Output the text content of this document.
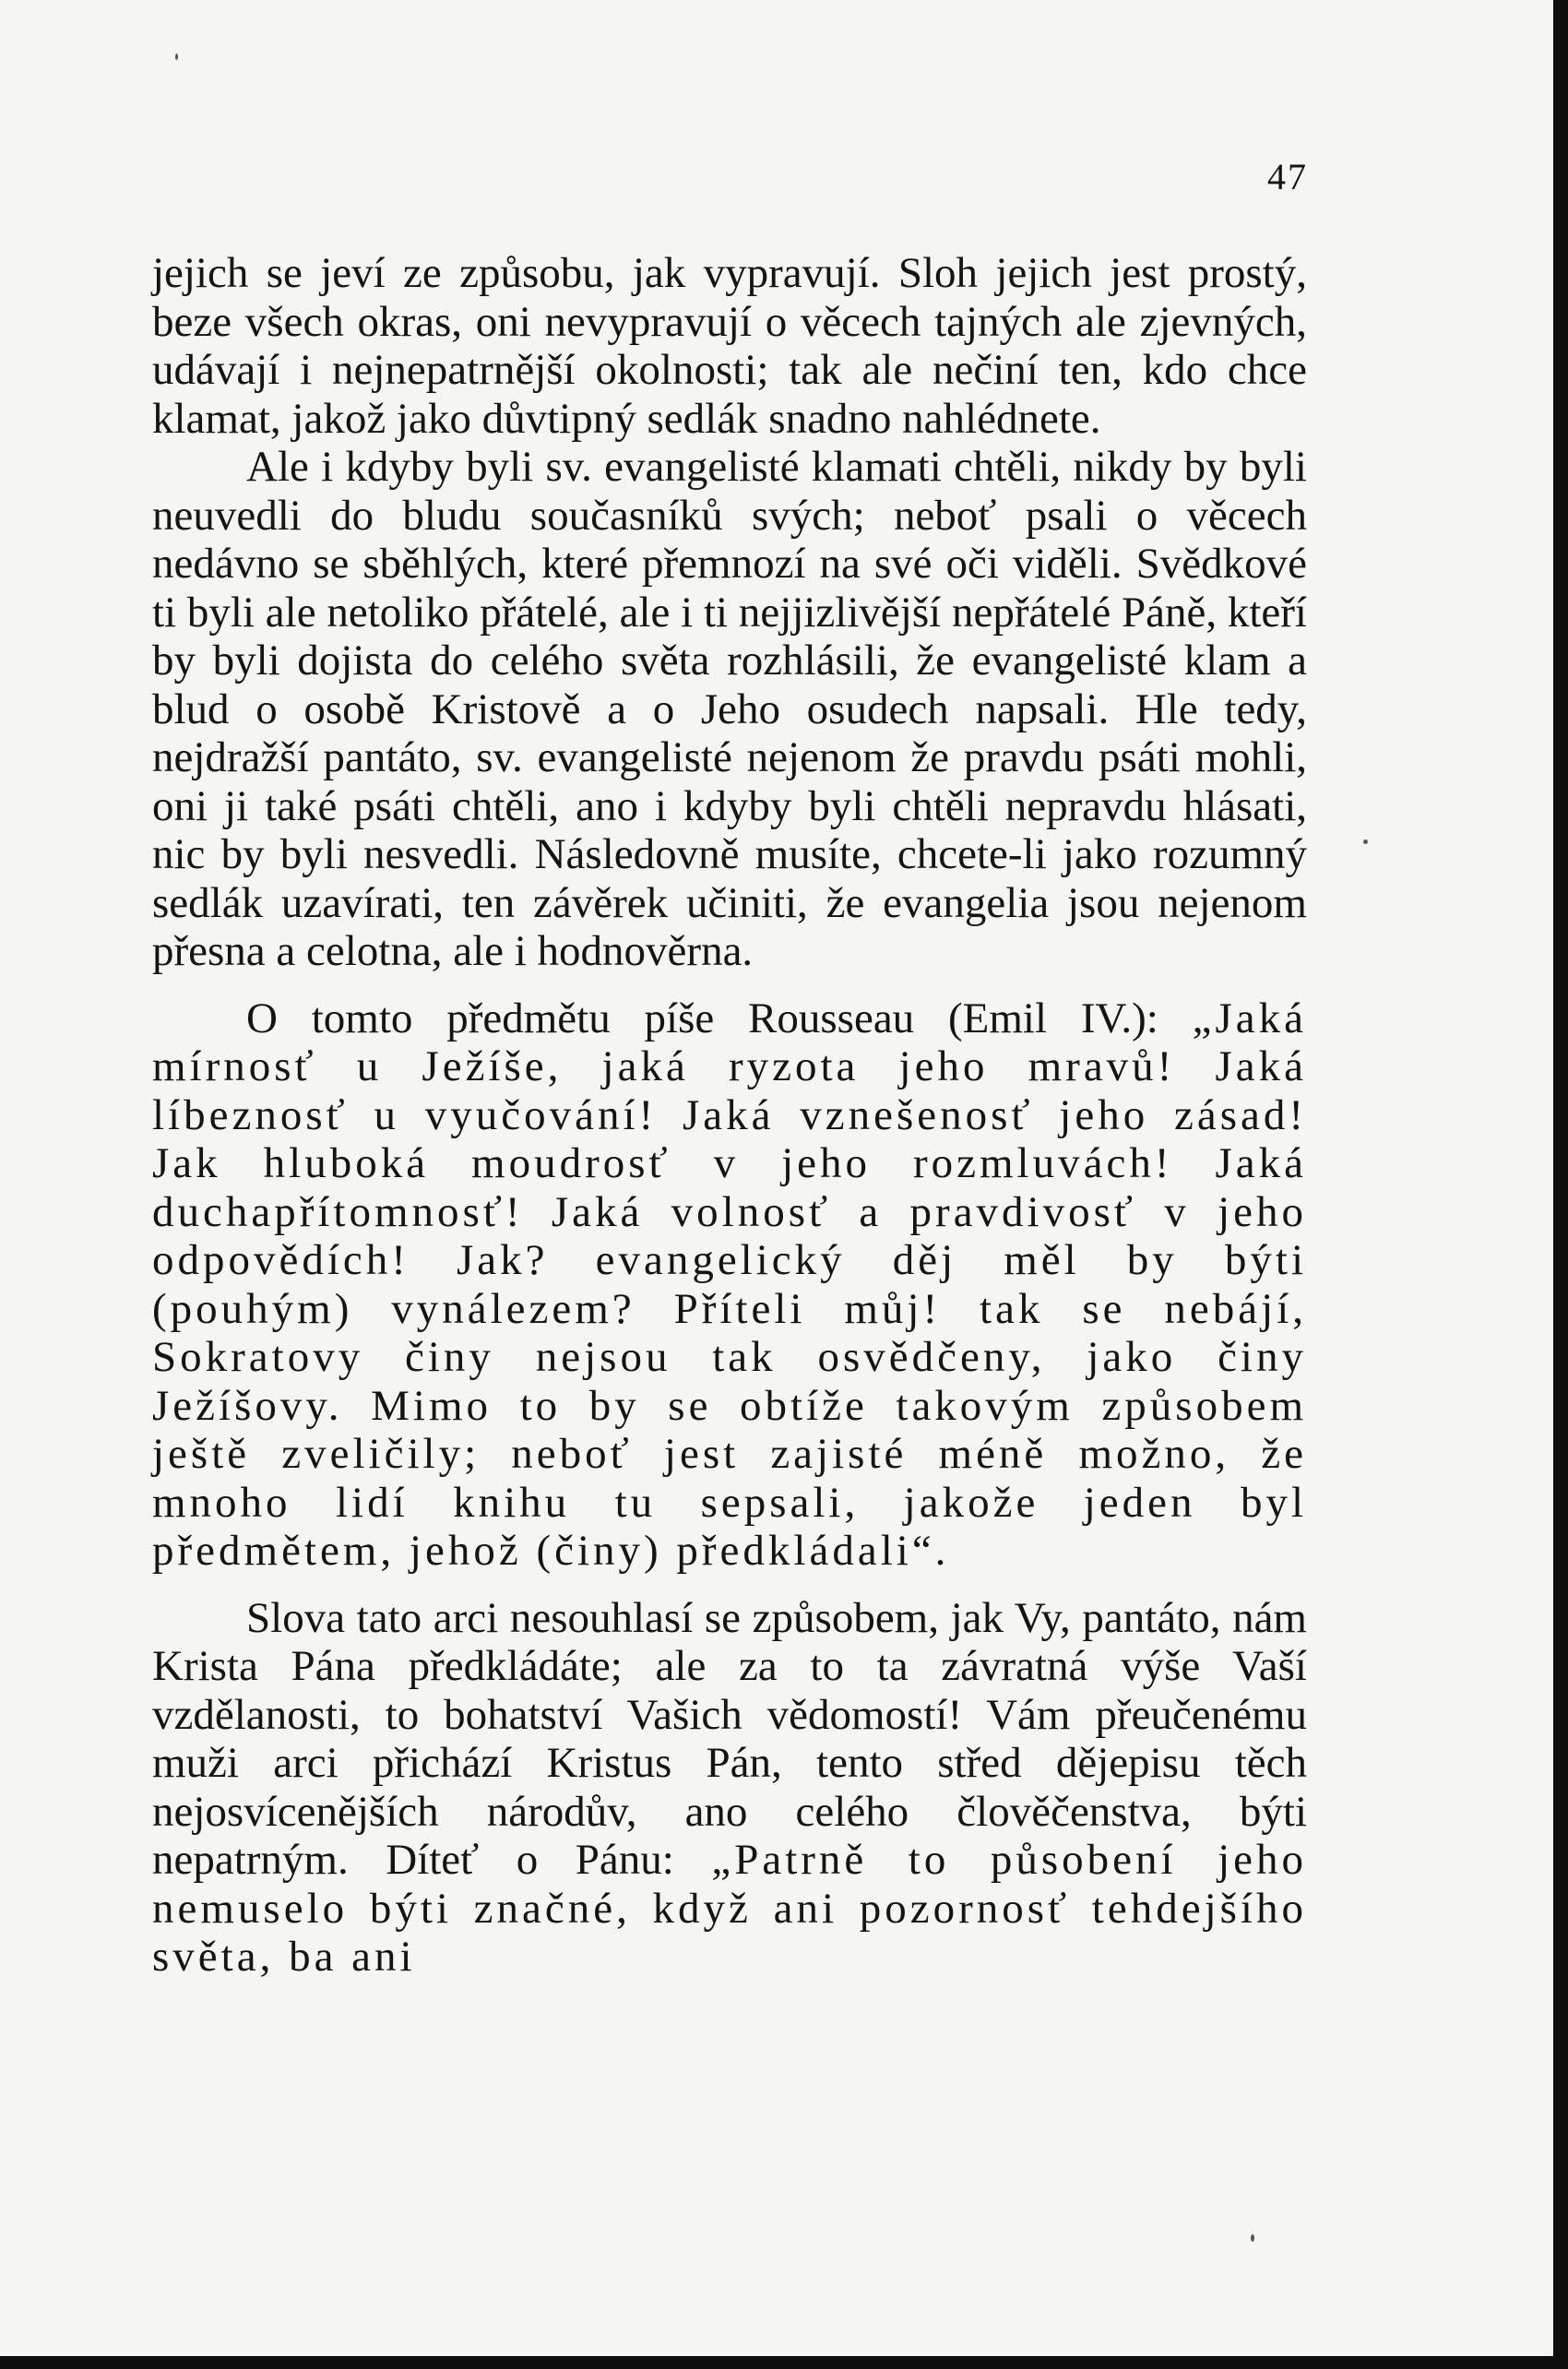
47

jejich se jeví ze způsobu, jak vypravují. Sloh jejich jest prostý, beze všech okras, oni nevypravují o věcech tajných ale zjevných, udávají i nejnepatrnější okolnosti; tak ale nečiní ten, kdo chce klamat, jakož jako důvtipný sedlák snadno nahlédnete.

Ale i kdyby byli sv. evangelisté klamati chtěli, nikdy by byli neuvedli do bludu současníků svých; neboť psali o věcech nedávno se sběhlých, které přemnozí na své oči viděli. Svědkové ti byli ale netoliko přátelé, ale i ti nejjizlivější nepřátelé Páně, kteří by byli dojista do celého světa rozhlásili, že evangelisté klam a blud o osobě Kristově a o Jeho osudech napsali. Hle tedy, nejdražší pantáto, sv. evangelisté nejenom že pravdu psáti mohli, oni ji také psáti chtěli, ano i kdyby byli chtěli nepravdu hlásati, nic by byli nesvedli. Následovně musíte, chcete-li jako rozumný sedlák uzavírati, ten závěrek učiniti, že evangelia jsou nejenom přesna a celotna, ale i hodnověrna.

O tomto předmětu píše Rousseau (Emil IV.): „Jaká mírnosť u Ježíše, jaká ryzota jeho mravů! Jaká líbeznosť u vyučování! Jaká vznešenosť jeho zásad! Jak hluboká moudrosť v jeho rozmluvách! Jaká duchapřítomnosť! Jaká volnosť a pravdivosť v jeho odpovědích! Jak? evangelický děj měl by býti (pouhým) vynálezem? Příteli můj! tak se nebájí, Sokratovy činy nejsou tak osvědčeny, jako činy Ježíšovy. Mimo to by se obtíže takovým způsobem ještě zveličily; neboť jest zajisté méně možno, že mnoho lidí knihu tu sepsali, jakože jeden byl předmětem, jehož (činy) předkládali“.

Slova tato arci nesouhlasí se způsobem, jak Vy, pantáto, nám Krista Pána předkládáte; ale za to ta závratná výše Vaší vzdělanosti, to bohatství Vašich vědomostí! Vám přeučenému muži arci přichází Kristus Pán, tento střed dějepisu těch nejosvícenějších národův, ano celého člověčenstva, býti nepatrným. Díteť o Pánu: „Patrně to působení jeho nemuselo býti značné, když ani pozornosť tehdejšího světa, ba ani
